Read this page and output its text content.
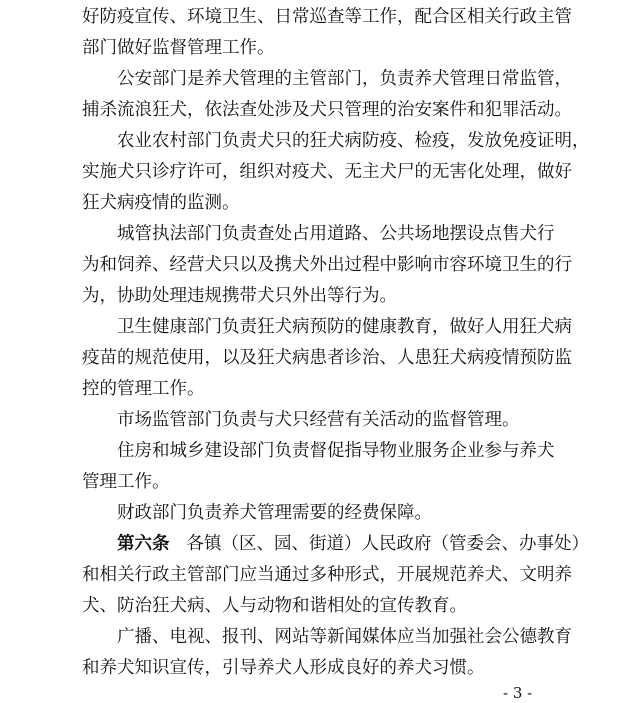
好防疫宣传、环境卫生、日常巡查等工作，配合区相关行政主管
部门做好监督管理工作。
公安部门是养犬管理的主管部门，负责养犬管理日常监管，
捕杀流浪狂犬，依法查处涉及犬只管理的治安案件和犯罪活动。
农业农村部门负责犬只的狂犬病防疫、检疫，发放免疫证明，
实施犬只诊疗许可，组织对疫犬、无主犬尸的无害化处理，做好
狂犬病疫情的监测。
城管执法部门负责查处占用道路、公共场地摆设点售犬行
为和饲养、经营犬只以及携犬外出过程中影响市容环境卫生的行
为，协助处理违规携带犬只外出等行为。
卫生健康部门负责狂犬病预防的健康教育，做好人用狂犬病
疫苗的规范使用，以及狂犬病患者诊治、人患狂犬病疫情预防监
控的管理工作。
市场监管部门负责与犬只经营有关活动的监督管理。
住房和城乡建设部门负责督促指导物业服务企业参与养犬
管理工作。
财政部门负责养犬管理需要的经费保障。
第六条 各镇（区、园、街道）人民政府（管委会、办事处）
和相关行政主管部门应当通过多种形式，开展规范养犬、文明养
犬、防治狂犬病、人与动物和谐相处的宣传教育。
广播、电视、报刊、网站等新闻媒体应当加强社会公德教育
和养犬知识宣传，引导养犬人形成良好的养犬习惯。
- 3 -
